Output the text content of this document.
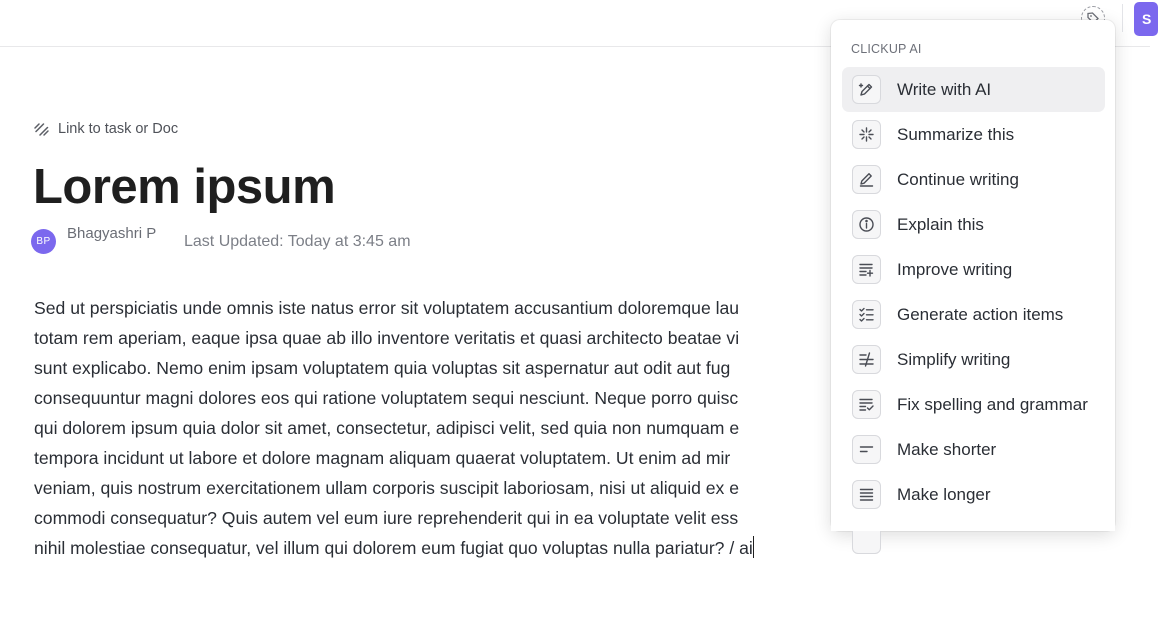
S
Link to task or Doc
Lorem ipsum
BP	Bhagyashri P Last Updated: Today at 3:45 am
Sed ut perspiciatis unde omnis iste natus error sit voluptatem accusantium doloremque lau
totam rem aperiam, eaque ipsa quae ab illo inventore veritatis et quasi architecto beatae vi
sunt explicabo. Nemo enim ipsam voluptatem quia voluptas sit aspernatur aut odit aut fug
consequuntur magni dolores eos qui ratione voluptatem sequi nesciunt. Neque porro quisc
qui dolorem ipsum quia dolor sit amet, consectetur, adipisci velit, sed quia non numquam e
tempora incidunt ut labore et dolore magnam aliquam quaerat voluptatem. Ut enim ad mir
veniam, quis nostrum exercitationem ullam corporis suscipit laboriosam, nisi ut aliquid ex e
commodi consequatur? Quis autem vel eum iure reprehenderit qui in ea voluptate velit ess
nihil molestiae consequatur, vel illum qui dolorem eum fugiat quo voluptas nulla pariatur? / ai
CLICKUP AI
Write with AI
Summarize this
Continue writing
Explain this
Improve writing
Generate action items
Simplify writing
Fix spelling and grammar
Make shorter
Make longer
